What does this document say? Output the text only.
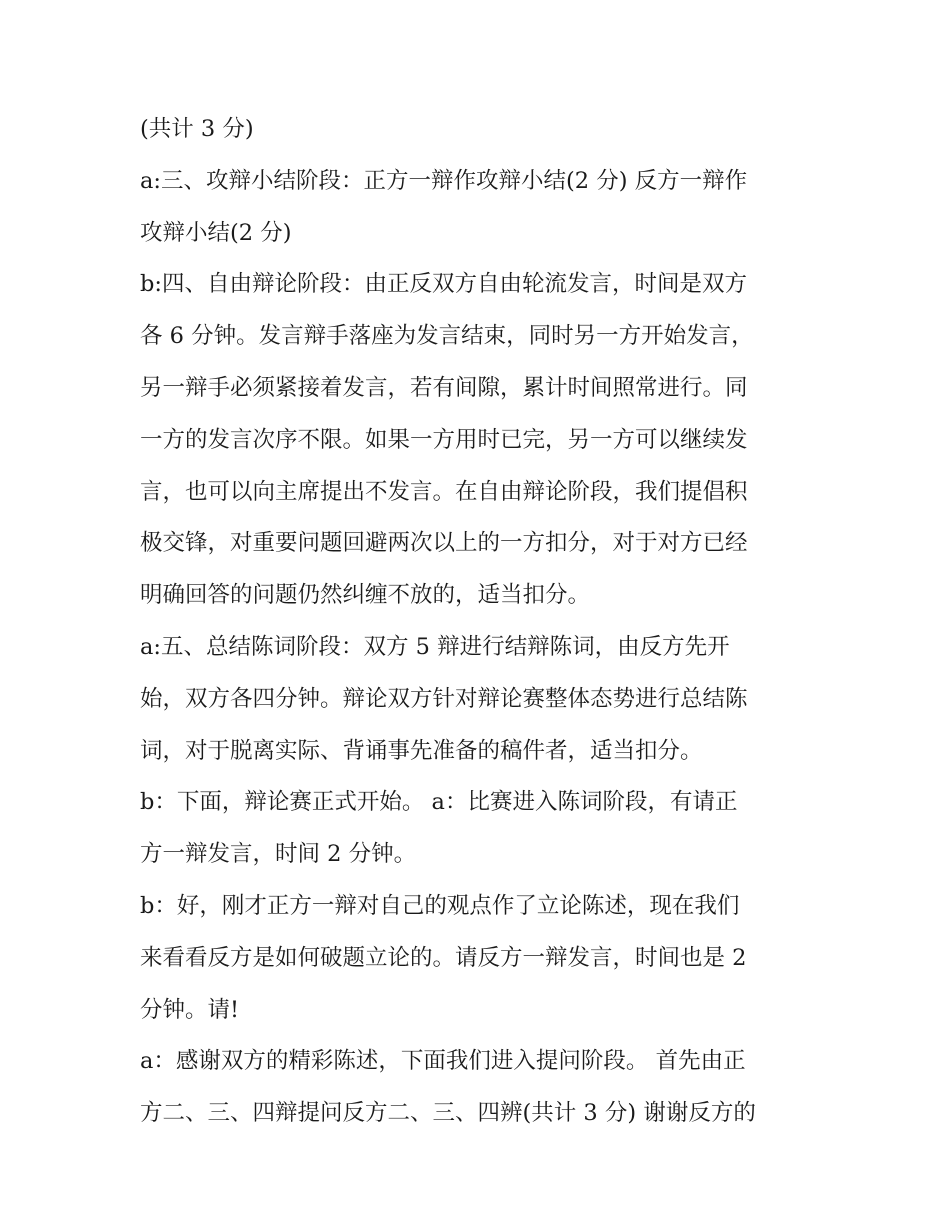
(共计 3 分)
a:三、攻辩小结阶段：正方一辩作攻辩小结(2 分) 反方一辩作
攻辩小结(2 分)
b:四、自由辩论阶段：由正反双方自由轮流发言，时间是双方
各 6 分钟。发言辩手落座为发言结束，同时另一方开始发言，
另一辩手必须紧接着发言，若有间隙，累计时间照常进行。同
一方的发言次序不限。如果一方用时已完，另一方可以继续发
言，也可以向主席提出不发言。在自由辩论阶段，我们提倡积
极交锋，对重要问题回避两次以上的一方扣分，对于对方已经
明确回答的问题仍然纠缠不放的，适当扣分。
a:五、总结陈词阶段：双方 5 辩进行结辩陈词，由反方先开
始，双方各四分钟。辩论双方针对辩论赛整体态势进行总结陈
词，对于脱离实际、背诵事先准备的稿件者，适当扣分。
b：下面，辩论赛正式开始。 a：比赛进入陈词阶段，有请正
方一辩发言，时间 2 分钟。
b：好，刚才正方一辩对自己的观点作了立论陈述，现在我们
来看看反方是如何破题立论的。请反方一辩发言，时间也是 2
分钟。请!
a：感谢双方的精彩陈述，下面我们进入提问阶段。 首先由正
方二、三、四辩提问反方二、三、四辨(共计 3 分) 谢谢反方的
